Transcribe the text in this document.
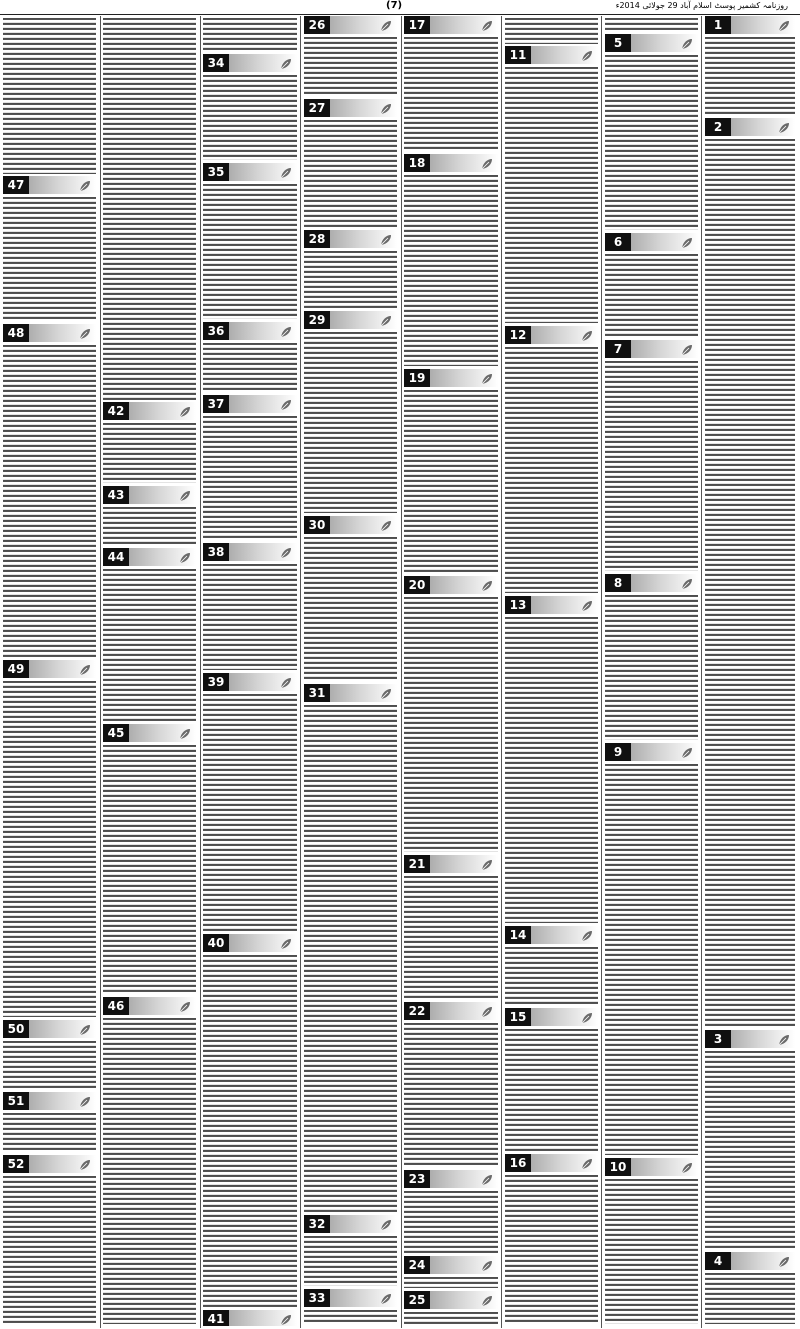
(7)	روزنامہ کشمیر پوسٹ اسلام آباد 29 جولائی 2014ء
1
2
3
4
5
6
7
8
9
10
11
12
13
14
15
16
17
18
19
20
21
22
23
24
25
26
27
28
29
30
31
32
33
34
35
36
37
38
39
40
41
42
43
44
45
46
47
48
49
50
51
52
